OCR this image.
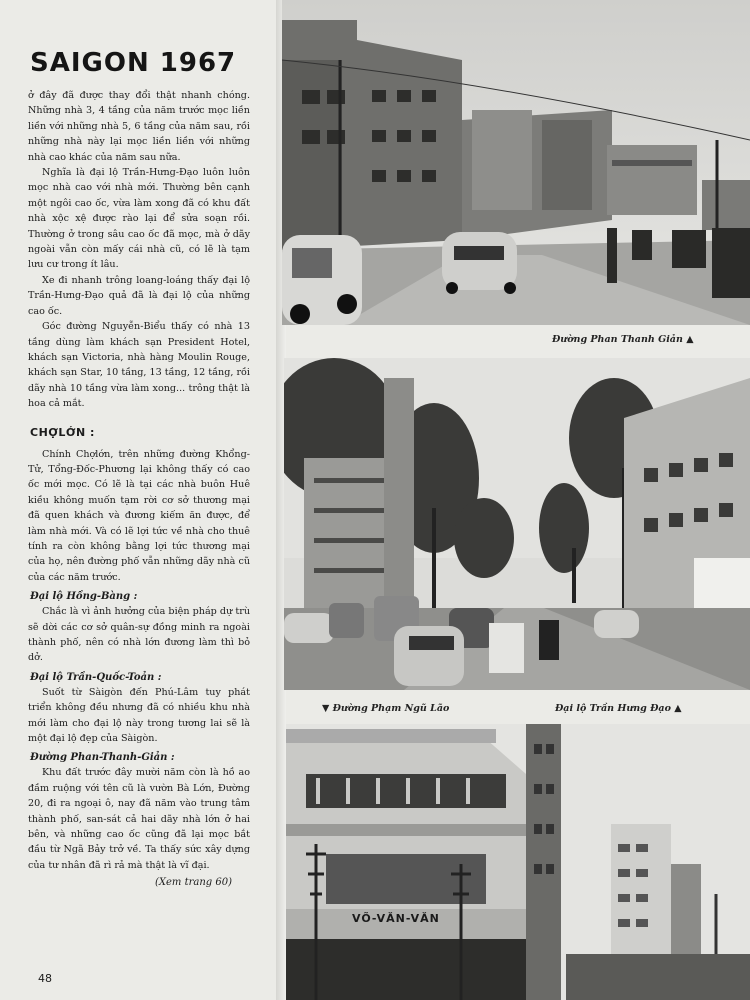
SAIGON 1967

ở đây đã được thay đổi thật nhanh chóng. Những nhà 3, 4 tầng của năm trước mọc liền liền với những nhà 5, 6 tầng của năm sau, rồi những nhà này lại mọc liền liền với những nhà cao khác của năm sau nữa.

Nghĩa là đại lộ Trần-Hưng-Đạo luôn luôn mọc nhà cao với nhà mới. Thường bên cạnh một ngôi cao ốc, vừa làm xong đã có khu đất nhà xộc xệ được rào lại để sửa soạn rồi. Thường ở trong sâu cao ốc đã mọc, mà ở dãy ngoài vẫn còn mấy cái nhà cũ, có lẽ là tạm lưu cư trong ít lâu.

Xe đi nhanh trông loang-loáng thấy đại lộ Trần-Hưng-Đạo quả đã là đại lộ của những cao ốc.

Góc đường Nguyễn-Biểu thấy có nhà 13 tầng dùng làm khách sạn President Hotel, khách sạn Victoria, nhà hàng Moulin Rouge, khách sạn Star, 10 tầng, 13 tầng, 12 tầng, rồi dãy nhà 10 tầng vừa làm xong... trông thật là hoa cả mắt.

CHỢLỚN :

Chính Chợlớn, trên những đường Khổng-Tử, Tổng-Đốc-Phương lại không thấy có cao ốc mới mọc. Có lẽ là tại các nhà buôn Huê kiều không muốn tạm rời cơ sở thương mại đã quen khách và đương kiếm ăn được, để làm nhà mới. Và có lẽ lợi tức về nhà cho thuê tính ra còn không bằng lợi tức thương mại của họ, nên đường phố vẫn những dãy nhà cũ của các năm trước.

Đại lộ Hồng-Bàng :

Chắc là vì ảnh hưởng của biện pháp dự trù sẽ dời các cơ sở quân-sự đồng minh ra ngoài thành phố, nên có nhà lớn đương làm thì bỏ dở.

Đại lộ Trần-Quốc-Toản :

Suốt từ Sàigòn đến Phú-Lâm tuy phát triển không đều nhưng đã có nhiều khu nhà mới làm cho đại lộ này trong tương lai sẽ là một đại lộ đẹp của Sàigòn.

Đường Phan-Thanh-Giản :

Khu đất trước đây mười năm còn là hồ ao đầm ruộng với tên cũ là vườn Bà Lớn, Đường 20, đi ra ngoại ô, nay đã năm vào trung tâm thành phố, san-sát cả hai dãy nhà lớn ở hai bên, và những cao ốc cũng đã lại mọc bắt đầu từ Ngã Bảy trở về. Ta thấy sức xây dựng của tư nhân đã rì rả mà thật là vĩ đại.

(Xem trang 60)
48
Đường Phan Thanh Giản ▲
▼ Đường Phạm Ngũ Lão	Đại lộ Trần Hưng Đạo ▲
VÕ-VĂN-VĂN
